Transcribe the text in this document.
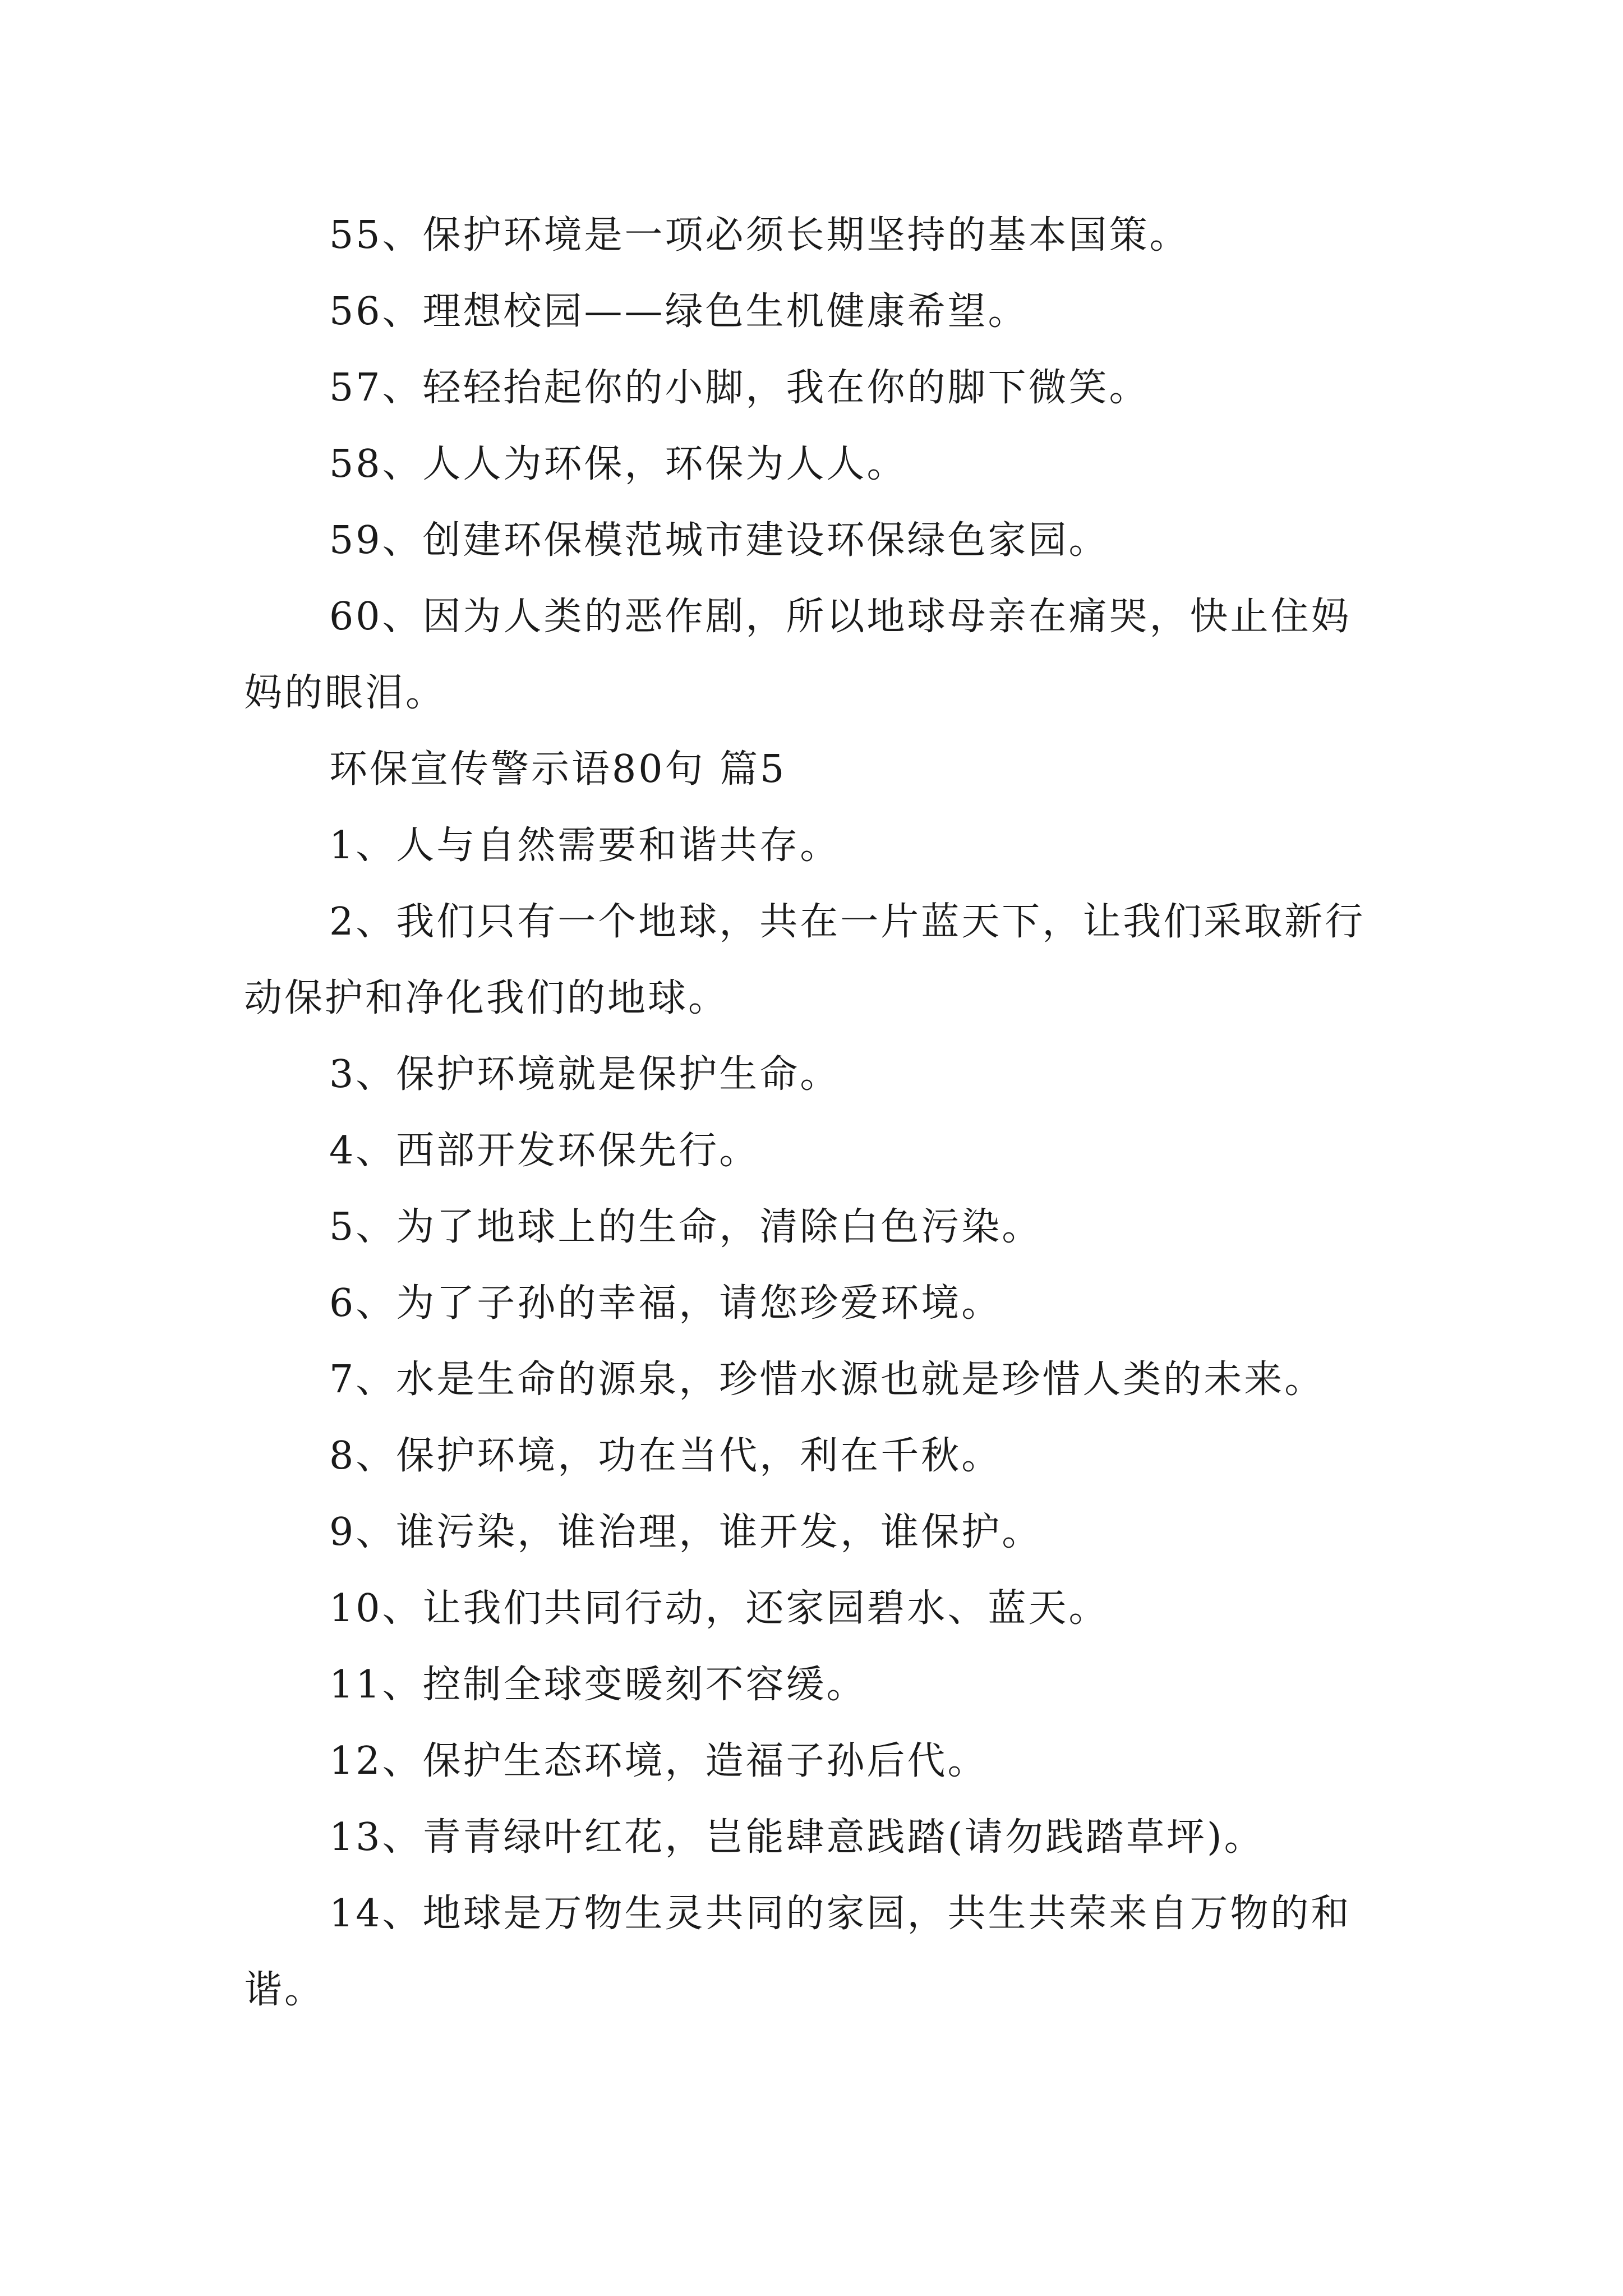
55、保护环境是一项必须长期坚持的基本国策。

56、理想校园——绿色生机健康希望。

57、轻轻抬起你的小脚，我在你的脚下微笑。

58、人人为环保，环保为人人。

59、创建环保模范城市建设环保绿色家园。

60、因为人类的恶作剧，所以地球母亲在痛哭，快止住妈妈的眼泪。

环保宣传警示语80句 篇5

1、人与自然需要和谐共存。

2、我们只有一个地球，共在一片蓝天下，让我们采取新行动保护和净化我们的地球。

3、保护环境就是保护生命。

4、西部开发环保先行。

5、为了地球上的生命，清除白色污染。

6、为了子孙的幸福，请您珍爱环境。

7、水是生命的源泉，珍惜水源也就是珍惜人类的未来。

8、保护环境，功在当代，利在千秋。

9、谁污染，谁治理，谁开发，谁保护。

10、让我们共同行动，还家园碧水、蓝天。

11、控制全球变暖刻不容缓。

12、保护生态环境，造福子孙后代。

13、青青绿叶红花，岂能肆意践踏(请勿践踏草坪)。

14、地球是万物生灵共同的家园，共生共荣来自万物的和谐。
